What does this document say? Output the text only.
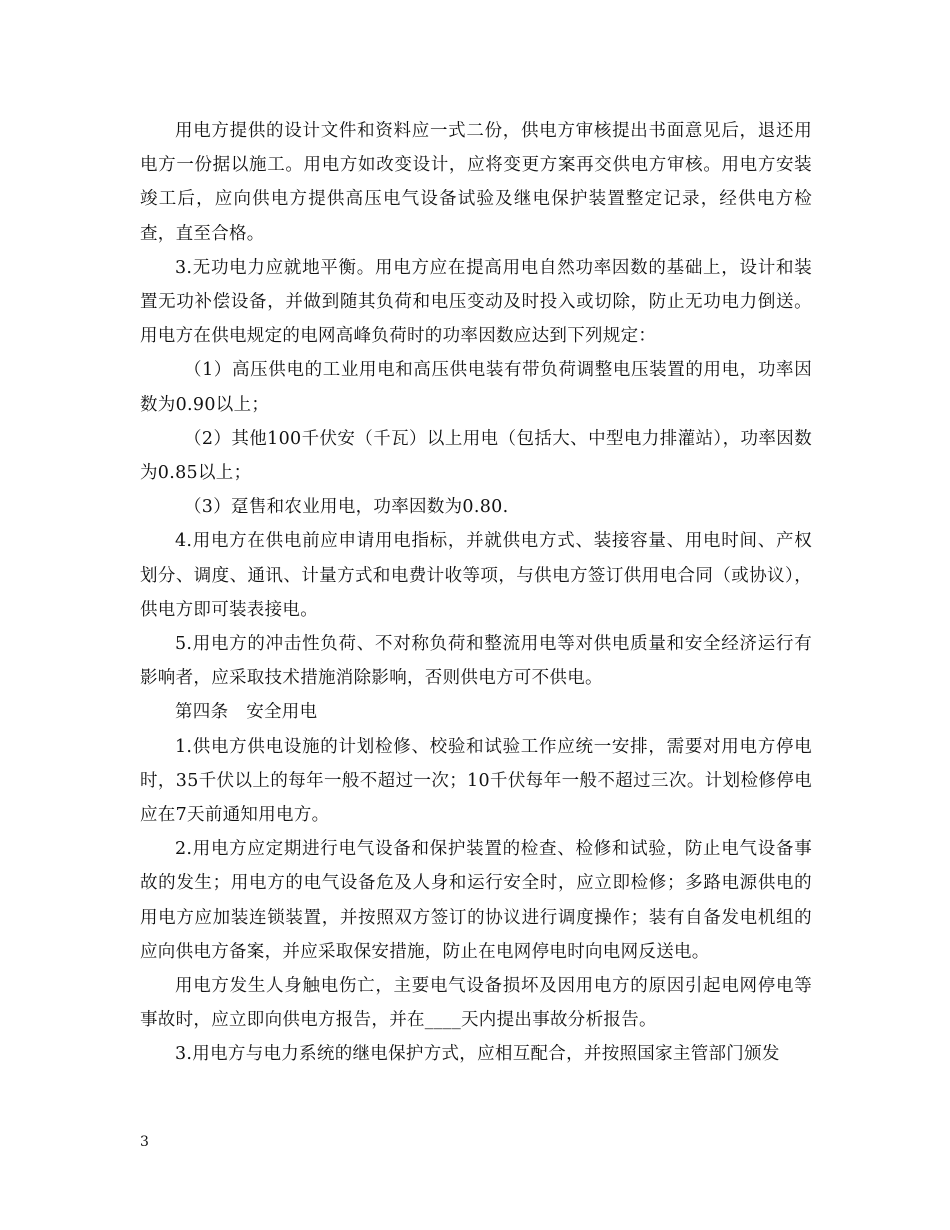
用电方提供的设计文件和资料应一式二份，供电方审核提出书面意见后，退还用电方一份据以施工。用电方如改变设计，应将变更方案再交供电方审核。用电方安装竣工后，应向供电方提供高压电气设备试验及继电保护装置整定记录，经供电方检查，直至合格。

3.无功电力应就地平衡。用电方应在提高用电自然功率因数的基础上，设计和装置无功补偿设备，并做到随其负荷和电压变动及时投入或切除，防止无功电力倒送。用电方在供电规定的电网高峰负荷时的功率因数应达到下列规定：

（1）高压供电的工业用电和高压供电装有带负荷调整电压装置的用电，功率因数为0.90以上；

（2）其他100千伏安（千瓦）以上用电（包括大、中型电力排灌站），功率因数为0.85以上；

（3）趸售和农业用电，功率因数为0.80.

4.用电方在供电前应申请用电指标，并就供电方式、装接容量、用电时间、产权划分、调度、通讯、计量方式和电费计收等项，与供电方签订供用电合同（或协议），供电方即可装表接电。

5.用电方的冲击性负荷、不对称负荷和整流用电等对供电质量和安全经济运行有影响者，应采取技术措施消除影响，否则供电方可不供电。

第四条　安全用电

1.供电方供电设施的计划检修、校验和试验工作应统一安排，需要对用电方停电时，35千伏以上的每年一般不超过一次；10千伏每年一般不超过三次。计划检修停电应在7天前通知用电方。

2.用电方应定期进行电气设备和保护装置的检查、检修和试验，防止电气设备事故的发生；用电方的电气设备危及人身和运行安全时，应立即检修；多路电源供电的用电方应加装连锁装置，并按照双方签订的协议进行调度操作；装有自备发电机组的应向供电方备案，并应采取保安措施，防止在电网停电时向电网反送电。

用电方发生人身触电伤亡，主要电气设备损坏及因用电方的原因引起电网停电等事故时，应立即向供电方报告，并在____天内提出事故分析报告。

3.用电方与电力系统的继电保护方式，应相互配合，并按照国家主管部门颁发

3
